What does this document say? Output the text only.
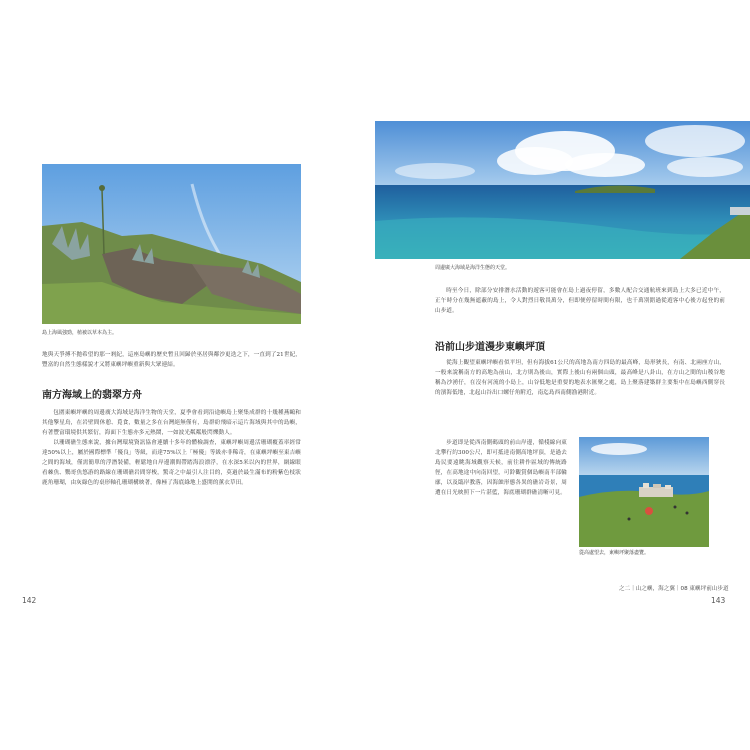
島上海風強勁，植被以草本為主。

地與天爭搏不拋希望的那一剎紀，這座島嶼的歷史暫且回歸於巫居與鄰沙更迭之下，一直到了21世紀，豐富的自然生態樣貌才又將東嶼坪嶼重新與大眾連結。

南方海域上的翡翠方舟

包圍東嶼坪嶼的周邊廣大海域是海洋生物的天堂，夏季會看到沿途嶼島上聚集成群的十幾種燕鷗和其他擎星鳥，在岩壁間休憩、覓食，數量之多在台灣絕無僅有，島群紛飛暗示這片海域與其中的島嶼，有著豐富環境供其繁衍，海面下生態亦多元熱鬧，一如波光粼粼般閃爍動人。

以珊瑚礁生態來說，據台灣環境資訊協會連續十多年的體檢調查，東嶼坪嶼周邊活珊瑚覆蓋率經常達50%以上，屬於國際標準「優良」等級，而達75%以上「極優」等級亦非稀奇，在東嶼坪嶼至東吉嶼之間的海域，僅需簡單的浮潛裝備，輕鬆地自岸邊潮間帶踏海浪漂浮，在水深5米以內的世界，網線眼看棘魚、鸚哥魚悠游的路線在珊瑚礁岩間穿梭，驚奇之中最引人注目的，莫過於最生滿布的粉紫色枝狀鹿角珊瑚，由灰綠色的桌形軸孔珊瑚構映著，像極了海底綠地上盛開的薰衣草田。

142
周邊廣大海域是海洋生態的天堂。

時至今日，除部分安排潛水活動的遊客可能會在島上過夜停留，多數人配合交通航班來到島上大多已近中午，正午時分在幾無遮蔽的島上，令人對烈日敬畏萬分，但即便停留時間有限，也千萬別錯過從遊客中心後方起登的前山步道。

沿前山步道漫步東嶼坪頂

從海上觀望東嶼坪嶼看似平坦，但有海拔61公尺的高地為南方四島的最高峰，島形狹長，有南、北兩座方山，一般來說稱南方的高地為前山，北方則為後山，實際上後山有兩個山頭，最高峰是八卦山，在方山之間的山稜谷地稱為沙湧仔，在沒有河流的小島上，山谷低地是重要的地表水匯聚之處，島上聚落建築群主要集中在島嶼西側穿長的濱海低地，北起山谷出口螺仔角附近，南迄島西南側漁港附近。

步道即是從西南側碼頭的前山岸邊，循棧線向東北攀行約300公尺，即可抵達南側高地坪頂，是過去島民要遠眺海域觀察天候，前往耕作區域的傳統路徑，在高地途中向南回望，可鈴觀賞個島嶼南半部輪廓，以及臨岸教落，因海蝕形態各異的礁岩奇景，周遭在日光映照下一片湛藍，海底珊瑚群礁清晰可見。

從高處望去，東嶼坪聚落盡覽。
之二｜山之嶼，海之翼｜08 東嶼坪前山步道
143
